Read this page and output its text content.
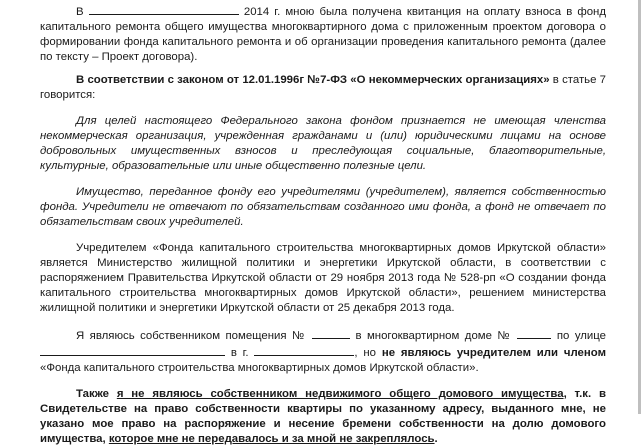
В	2014 г. мною была получена квитанция на оплату взноса в фонд капитального ремонта общего имущества многоквартирного дома с приложенным проектом договора о формировании фонда капитального ремонта и об организации проведения капитального ремонта (далее по тексту – Проект договора).

В соответствии с законом от 12.01.1996г №7-ФЗ «О некоммерческих организациях» в статье 7 говорится:

Для целей настоящего Федерального закона фондом признается не имеющая членства некоммерческая организация, учрежденная гражданами и (или) юридическими лицами на основе добровольных имущественных взносов и преследующая социальные, благотворительные, культурные, образовательные или иные общественно полезные цели.

Имущество, переданное фонду его учредителями (учредителем), является собственностью фонда. Учредители не отвечают по обязательствам созданного ими фонда, а фонд не отвечает по обязательствам своих учредителей.

Учредителем «Фонда капитального строительства многоквартирных домов Иркутской области» является Министерство жилищной политики и энергетики Иркутской области, в соответствии с распоряжением Правительства Иркутской области от 29 ноября 2013 года № 528-рп «О создании фонда капитального строительства многоквартирных домов Иркутской области», решением министерства жилищной политики и энергетики Иркутской области от 25 декабря 2013 года.

Я являюсь собственником помещения №	в многоквартирном доме №	по улице  в г.	, но не являюсь учредителем или членом «Фонда капитального строительства многоквартирных домов Иркутской области».

Также я не являюсь собственником недвижимого общего домового имущества, т.к. в Свидетельстве на право собственности квартиры по указанному адресу, выданного мне, не указано мое право на распоряжение и несение бремени собственности на долю домового имущества, которое мне не передавалось и за мной не закреплялось.
